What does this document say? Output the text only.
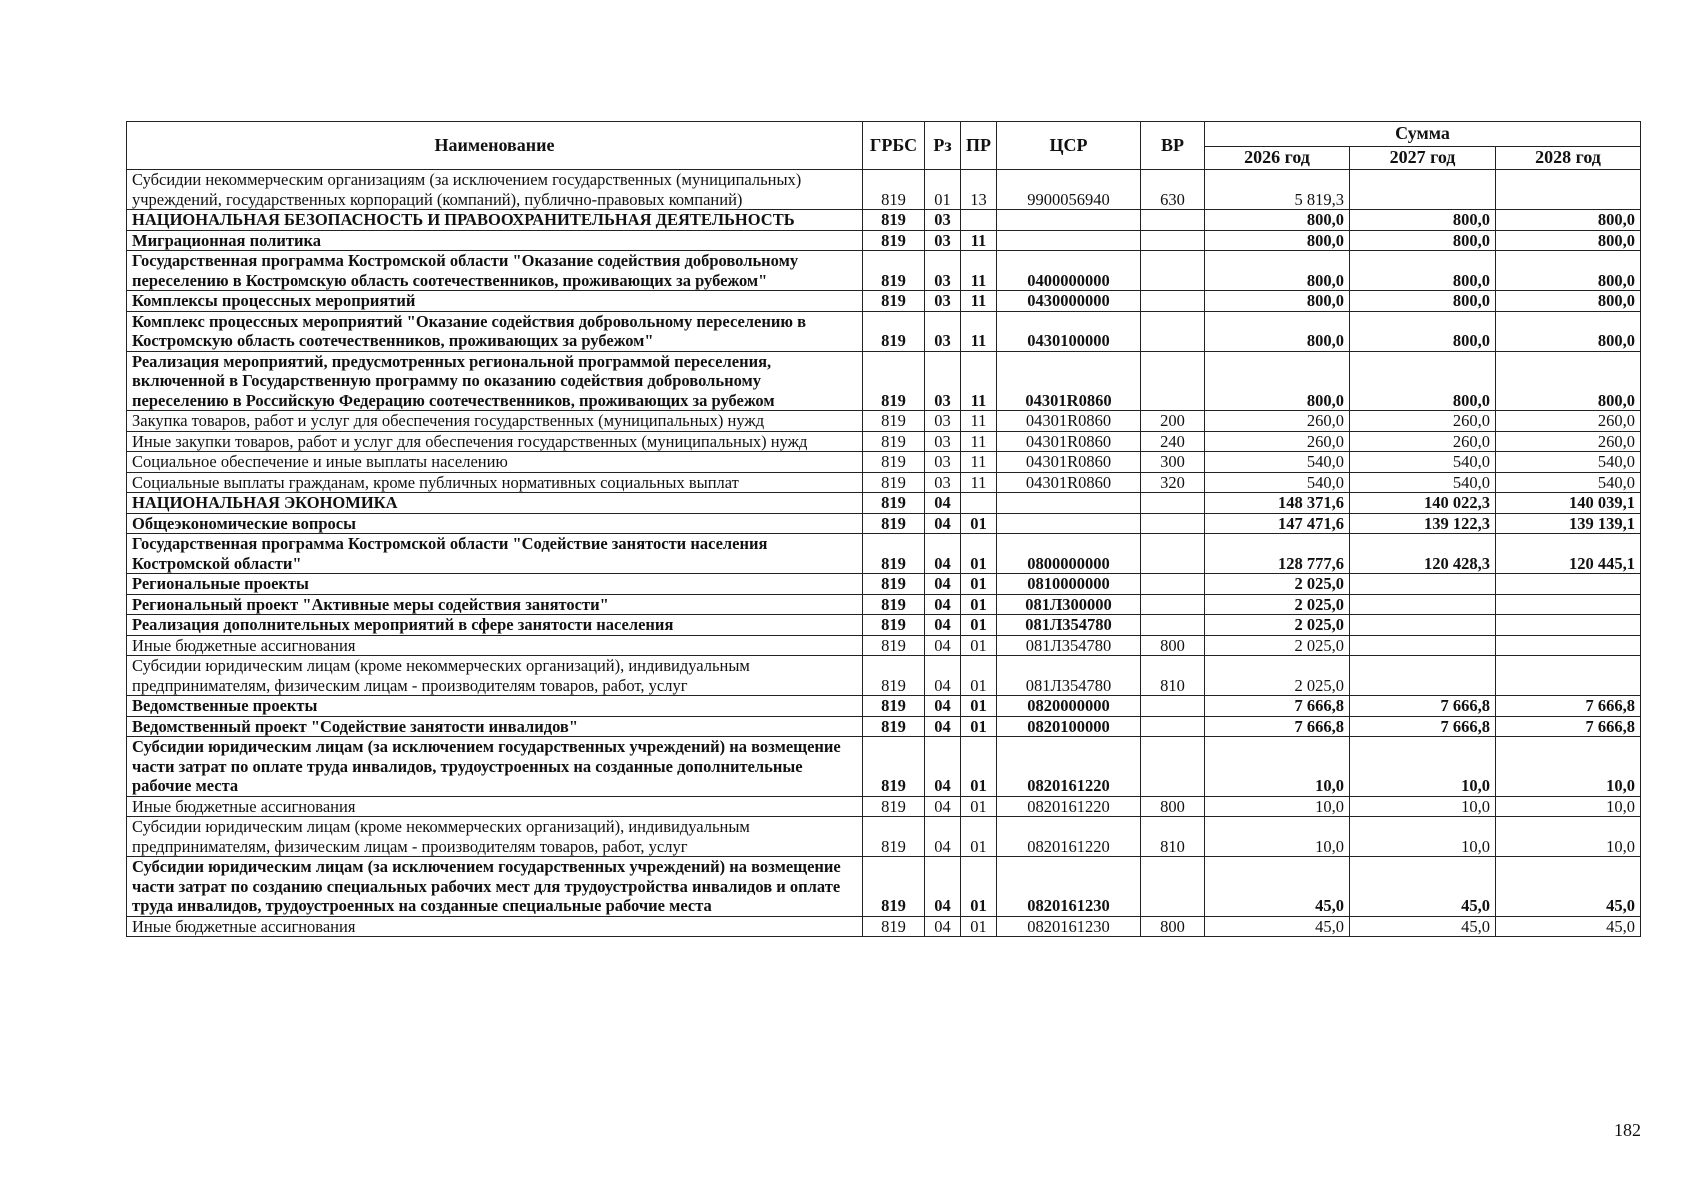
Наименование	ГРБС	Рз	ПР	ЦСР	ВР	Сумма		
						2026 год	2027 год	2028 год
Субсидии некоммерческим организациям (за исключением государственных (муниципальных) учреждений, государственных корпораций (компаний), публично-правовых компаний)	819	01	13	9900056940	630	5 819,3		
НАЦИОНАЛЬНАЯ БЕЗОПАСНОСТЬ И ПРАВООХРАНИТЕЛЬНАЯ ДЕЯТЕЛЬНОСТЬ	819	03				800,0	800,0	800,0
Миграционная политика	819	03	11			800,0	800,0	800,0
Государственная программа Костромской области "Оказание содействия добровольному переселению в Костромскую область соотечественников, проживающих за рубежом"	819	03	11	0400000000		800,0	800,0	800,0
Комплексы процессных мероприятий	819	03	11	0430000000		800,0	800,0	800,0
Комплекс процессных мероприятий "Оказание содействия добровольному переселению в Костромскую область соотечественников, проживающих за рубежом"	819	03	11	0430100000		800,0	800,0	800,0
Реализация мероприятий, предусмотренных региональной программой переселения, включенной в Государственную программу по оказанию содействия добровольному переселению в Российскую Федерацию соотечественников, проживающих за рубежом	819	03	11	04301R0860		800,0	800,0	800,0
Закупка товаров, работ и услуг для обеспечения государственных (муниципальных) нужд	819	03	11	04301R0860	200	260,0	260,0	260,0
Иные закупки товаров, работ и услуг для обеспечения государственных (муниципальных) нужд	819	03	11	04301R0860	240	260,0	260,0	260,0
Социальное обеспечение и иные выплаты населению	819	03	11	04301R0860	300	540,0	540,0	540,0
Социальные выплаты гражданам, кроме публичных нормативных социальных выплат	819	03	11	04301R0860	320	540,0	540,0	540,0
НАЦИОНАЛЬНАЯ ЭКОНОМИКА	819	04				148 371,6	140 022,3	140 039,1
Общеэкономические вопросы	819	04	01			147 471,6	139 122,3	139 139,1
Государственная программа Костромской области "Содействие занятости населения Костромской области"	819	04	01	0800000000		128 777,6	120 428,3	120 445,1
Региональные проекты	819	04	01	0810000000		2 025,0		
Региональный проект "Активные меры содействия занятости"	819	04	01	081Л300000		2 025,0		
Реализация дополнительных мероприятий в сфере занятости населения	819	04	01	081Л354780		2 025,0		
Иные бюджетные ассигнования	819	04	01	081Л354780	800	2 025,0		
Субсидии юридическим лицам (кроме некоммерческих организаций), индивидуальным предпринимателям, физическим лицам - производителям товаров, работ, услуг	819	04	01	081Л354780	810	2 025,0		
Ведомственные проекты	819	04	01	0820000000		7 666,8	7 666,8	7 666,8
Ведомственный проект "Содействие занятости инвалидов"	819	04	01	0820100000		7 666,8	7 666,8	7 666,8
Субсидии юридическим лицам (за исключением государственных учреждений) на возмещение части затрат по оплате труда инвалидов, трудоустроенных на созданные дополнительные рабочие места	819	04	01	0820161220		10,0	10,0	10,0
Иные бюджетные ассигнования	819	04	01	0820161220	800	10,0	10,0	10,0
Субсидии юридическим лицам (кроме некоммерческих организаций), индивидуальным предпринимателям, физическим лицам - производителям товаров, работ, услуг	819	04	01	0820161220	810	10,0	10,0	10,0
Субсидии юридическим лицам (за исключением государственных учреждений) на возмещение части затрат по созданию специальных рабочих мест для трудоустройства инвалидов и оплате труда инвалидов, трудоустроенных на созданные специальные рабочие места	819	04	01	0820161230		45,0	45,0	45,0
Иные бюджетные ассигнования	819	04	01	0820161230	800	45,0	45,0	45,0
182
